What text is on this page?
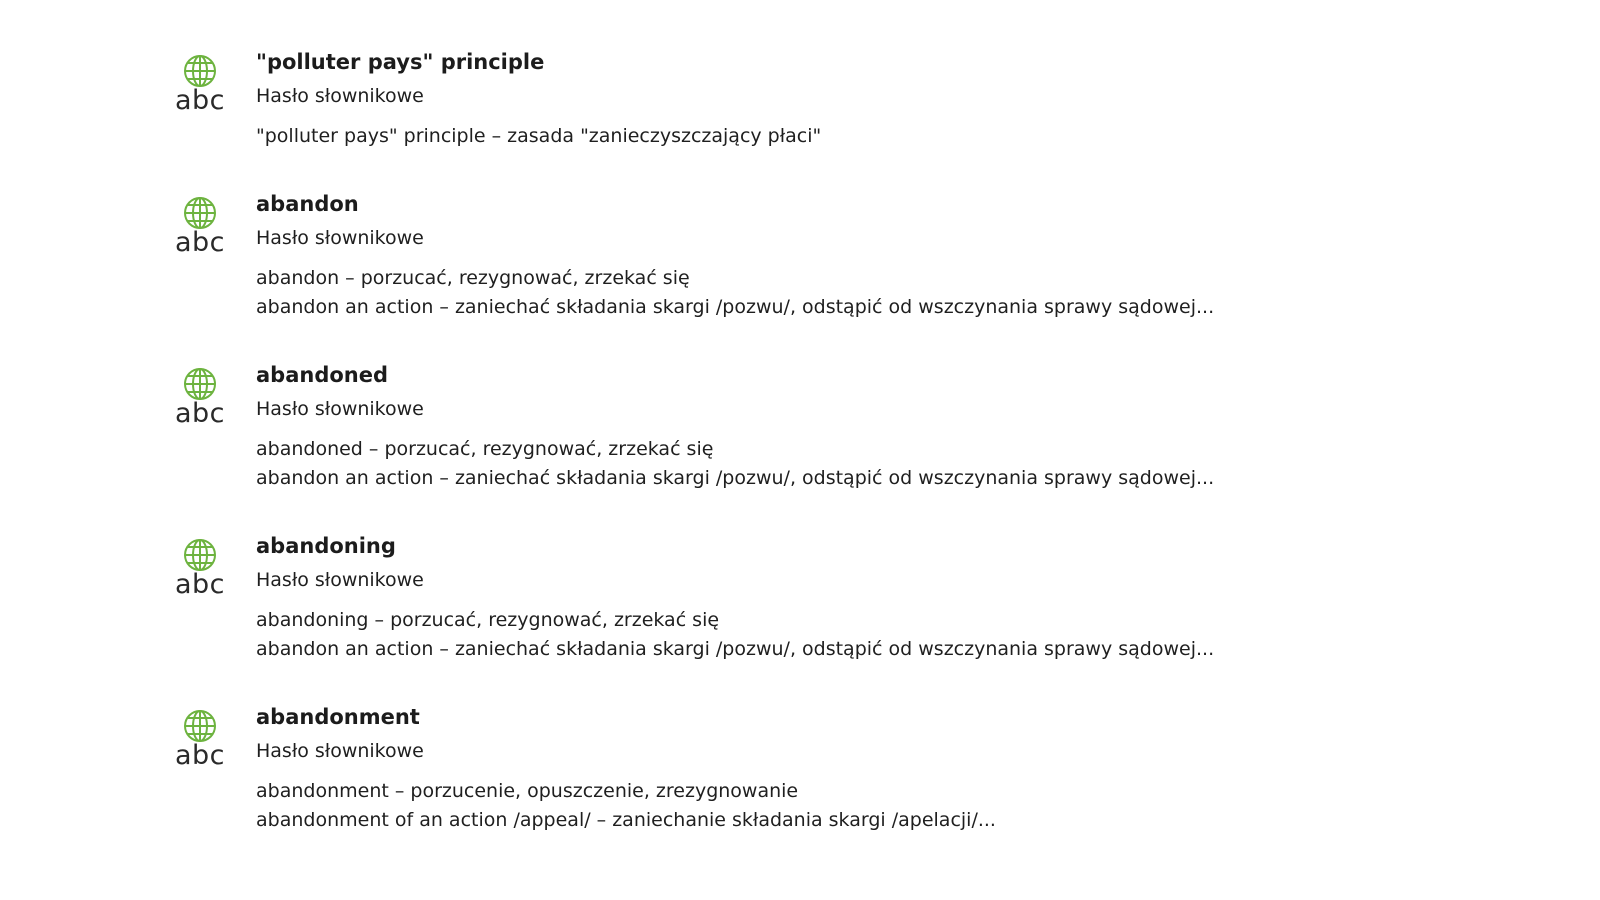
abc
"polluter pays" principle
Hasło słownikowe
"polluter pays" principle – zasada "zanieczyszczający płaci"
abc
abandon
Hasło słownikowe
abandon – porzucać, rezygnować, zrzekać się
abandon an action – zaniechać składania skargi /pozwu/, odstąpić od wszczynania sprawy sądowej...
abc
abandoned
Hasło słownikowe
abandoned – porzucać, rezygnować, zrzekać się
abandon an action – zaniechać składania skargi /pozwu/, odstąpić od wszczynania sprawy sądowej...
abc
abandoning
Hasło słownikowe
abandoning – porzucać, rezygnować, zrzekać się
abandon an action – zaniechać składania skargi /pozwu/, odstąpić od wszczynania sprawy sądowej...
abc
abandonment
Hasło słownikowe
abandonment – porzucenie, opuszczenie, zrezygnowanie
abandonment of an action /appeal/ – zaniechanie składania skargi /apelacji/...
